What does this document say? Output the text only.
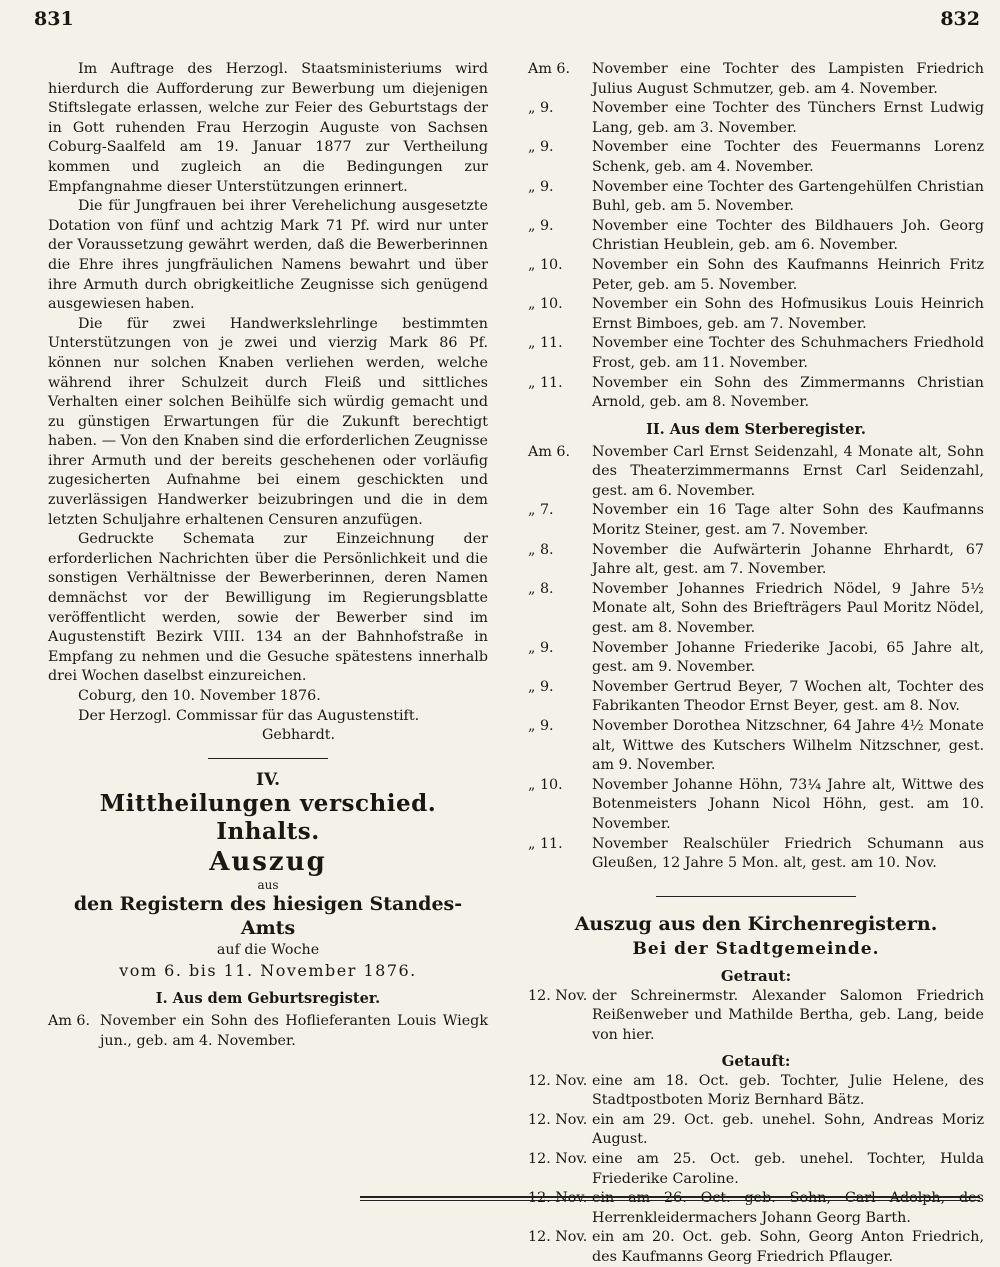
831	832

Im Auftrage des Herzogl. Staatsministeriums wird hierdurch die Aufforderung zur Bewerbung um diejenigen Stiftslegate erlassen, welche zur Feier des Geburtstags der in Gott ruhenden Frau Herzogin Auguste von Sachsen Coburg-Saalfeld am 19. Januar 1877 zur Vertheilung kommen und zugleich an die Bedingungen zur Empfangnahme dieser Unterstützungen erinnert.

Die für Jungfrauen bei ihrer Verehelichung ausgesetzte Dotation von fünf und achtzig Mark 71 Pf. wird nur unter der Voraussetzung gewährt werden, daß die Bewerberinnen die Ehre ihres jungfräulichen Namens bewahrt und über ihre Armuth durch obrigkeitliche Zeugnisse sich genügend ausgewiesen haben.

Die für zwei Handwerkslehrlinge bestimmten Unterstützungen von je zwei und vierzig Mark 86 Pf. können nur solchen Knaben verliehen werden, welche während ihrer Schulzeit durch Fleiß und sittliches Verhalten einer solchen Beihülfe sich würdig gemacht und zu günstigen Erwartungen für die Zukunft berechtigt haben. — Von den Knaben sind die erforderlichen Zeugnisse ihrer Armuth und der bereits geschehenen oder vorläufig zugesicherten Aufnahme bei einem geschickten und zuverlässigen Handwerker beizubringen und die in dem letzten Schuljahre erhaltenen Censuren anzufügen.

Gedruckte Schemata zur Einzeichnung der erforderlichen Nachrichten über die Persönlichkeit und die sonstigen Verhältnisse der Bewerberinnen, deren Namen demnächst vor der Bewilligung im Regierungsblatte veröffentlicht werden, sowie der Bewerber sind im Augustenstift Bezirk VIII. 134 an der Bahnhofstraße in Empfang zu nehmen und die Gesuche spätestens innerhalb drei Wochen daselbst einzureichen.

Coburg, den 10. November 1876.

Der Herzogl. Commissar für das Augustenstift.

Gebhardt.

IV.

Mittheilungen verschied. Inhalts.

Auszug

aus

den Registern des hiesigen Standes-Amts

auf die Woche

vom 6. bis 11. November 1876.

I. Aus dem Geburtsregister.

Am 6. November ein Sohn des Hoflieferanten Louis Wiegk jun., geb. am 4. November.
Am 6.	November eine Tochter des Lampisten Friedrich Julius August Schmutzer, geb. am 4. November.
„ 9.	November eine Tochter des Tünchers Ernst Ludwig Lang, geb. am 3. November.
„ 9.	November eine Tochter des Feuermanns Lorenz Schenk, geb. am 4. November.
„ 9.	November eine Tochter des Gartengehülfen Christian Buhl, geb. am 5. November.
„ 9.	November eine Tochter des Bildhauers Joh. Georg Christian Heublein, geb. am 6. November.
„ 10.	November ein Sohn des Kaufmanns Heinrich Fritz Peter, geb. am 5. November.
„ 10.	November ein Sohn des Hofmusikus Louis Heinrich Ernst Bimboes, geb. am 7. November.
„ 11.	November eine Tochter des Schuhmachers Friedhold Frost, geb. am 11. November.
„ 11.	November ein Sohn des Zimmermanns Christian Arnold, geb. am 8. November.

II. Aus dem Sterberegister.

Am 6.	November Carl Ernst Seidenzahl, 4 Monate alt, Sohn des Theaterzimmermanns Ernst Carl Seidenzahl, gest. am 6. November.
„ 7.	November ein 16 Tage alter Sohn des Kaufmanns Moritz Steiner, gest. am 7. November.
„ 8.	November die Aufwärterin Johanne Ehrhardt, 67 Jahre alt, gest. am 7. November.
„ 8.	November Johannes Friedrich Nödel, 9 Jahre 5½ Monate alt, Sohn des Briefträgers Paul Moritz Nödel, gest. am 8. November.
„ 9.	November Johanne Friederike Jacobi, 65 Jahre alt, gest. am 9. November.
„ 9.	November Gertrud Beyer, 7 Wochen alt, Tochter des Fabrikanten Theodor Ernst Beyer, gest. am 8. Nov.
„ 9.	November Dorothea Nitzschner, 64 Jahre 4½ Monate alt, Wittwe des Kutschers Wilhelm Nitzschner, gest. am 9. November.
„ 10.	November Johanne Höhn, 73¼ Jahre alt, Wittwe des Botenmeisters Johann Nicol Höhn, gest. am 10. November.
„ 11.	November Realschüler Friedrich Schumann aus Gleußen, 12 Jahre 5 Mon. alt, gest. am 10. Nov.

Auszug aus den Kirchenregistern.

Bei der Stadtgemeinde.

Getraut:

12. Nov. der Schreinermstr. Alexander Salomon Friedrich Reißenweber und Mathilde Bertha, geb. Lang, beide von hier.

Getauft:

12. Nov. eine am 18. Oct. geb. Tochter, Julie Helene, des Stadtpostboten Moriz Bernhard Bätz.
12. Nov. ein am 29. Oct. geb. unehel. Sohn, Andreas Moriz August.
12. Nov. eine am 25. Oct. geb. unehel. Tochter, Hulda Friederike Caroline.
12. Nov. ein am 26. Oct. geb. Sohn, Carl Adolph, des Herrenkleidermachers Johann Georg Barth.
12. Nov. ein am 20. Oct. geb. Sohn, Georg Anton Friedrich, des Kaufmanns Georg Friedrich Pflauger.
